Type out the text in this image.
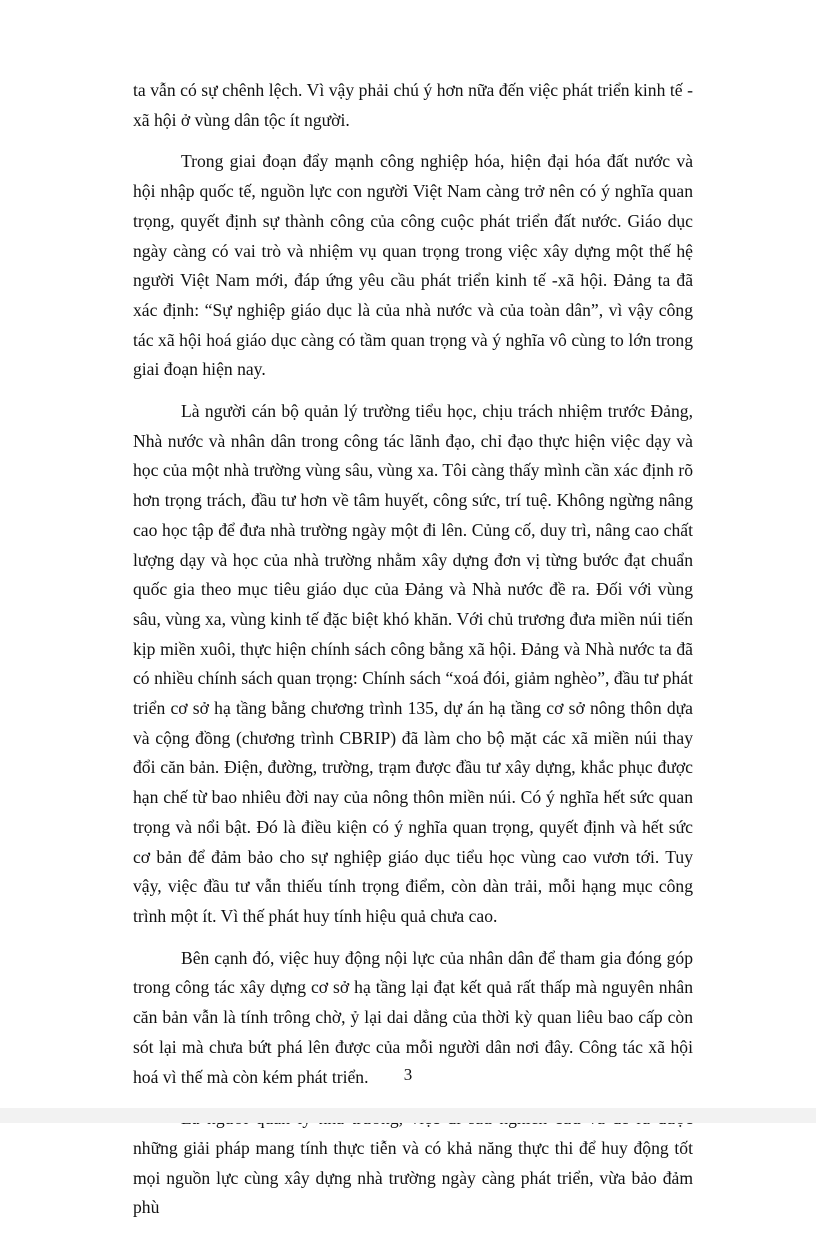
ta vẫn có sự chênh lệch. Vì vậy phải chú ý hơn nữa đến việc phát triển kinh tế - xã hội ở vùng dân tộc ít người.

Trong giai đoạn đẩy mạnh công nghiệp hóa, hiện đại hóa đất nước và hội nhập quốc tế, nguồn lực con người Việt Nam càng trở nên có ý nghĩa quan trọng, quyết định sự thành công của công cuộc phát triển đất nước. Giáo dục ngày càng có vai trò và nhiệm vụ quan trọng trong việc xây dựng một thế hệ người Việt Nam mới, đáp ứng yêu cầu phát triển kinh tế -xã hội. Đảng ta đã xác định: “Sự nghiệp giáo dục là của nhà nước và của toàn dân”, vì vậy công tác xã hội hoá giáo dục càng có tầm quan trọng và ý nghĩa vô cùng to lớn trong giai đoạn hiện nay.

Là người cán bộ quản lý trường tiểu học, chịu trách nhiệm trước Đảng, Nhà nước và nhân dân trong công tác lãnh đạo, chỉ đạo thực hiện việc dạy và học của một nhà trường vùng sâu, vùng xa. Tôi càng thấy mình cần xác định rõ hơn trọng trách, đầu tư hơn về tâm huyết, công sức, trí tuệ. Không ngừng nâng cao học tập để đưa nhà trường ngày một đi lên. Củng cố, duy trì, nâng cao chất lượng dạy và học của nhà trường nhằm xây dựng đơn vị từng bước đạt chuẩn quốc gia theo mục tiêu giáo dục của Đảng và Nhà nước đề ra. Đối với vùng sâu, vùng xa, vùng kinh tế đặc biệt khó khăn. Với chủ trương đưa miền núi tiến kịp miền xuôi, thực hiện chính sách công bằng xã hội. Đảng và Nhà nước ta đã có nhiều chính sách quan trọng: Chính sách “xoá đói, giảm nghèo”, đầu tư phát triển cơ sở hạ tầng bằng chương trình 135, dự án hạ tầng cơ sở nông thôn dựa và cộng đồng (chương trình CBRIP) đã làm cho bộ mặt các xã miền núi thay đổi căn bản. Điện, đường, trường, trạm được đầu tư xây dựng, khắc phục được hạn chế từ bao nhiêu đời nay của nông thôn miền núi. Có ý nghĩa hết sức quan trọng và nổi bật. Đó là điều kiện có ý nghĩa quan trọng, quyết định và hết sức cơ bản để đảm bảo cho sự nghiệp giáo dục tiểu học vùng cao vươn tới. Tuy vậy, việc đầu tư vẫn thiếu tính trọng điểm, còn dàn trải, mỗi hạng mục công trình một ít. Vì thế phát huy tính hiệu quả chưa cao.

Bên cạnh đó, việc huy động nội lực của nhân dân để tham gia đóng góp trong công tác xây dựng cơ sở hạ tầng lại đạt kết quả rất thấp mà nguyên nhân căn bản vẫn là tính trông chờ, ỷ lại dai dẳng của thời kỳ quan liêu bao cấp còn sót lại mà chưa bứt phá lên được của mỗi người dân nơi đây. Công tác xã hội hoá vì thế mà còn kém phát triển.

những giải pháp mang tính thực tiễn và có khả năng thực thi để huy động tốt mọi nguồn lực cùng xây dựng nhà trường ngày càng phát triển, vừa bảo đảm phù

3
